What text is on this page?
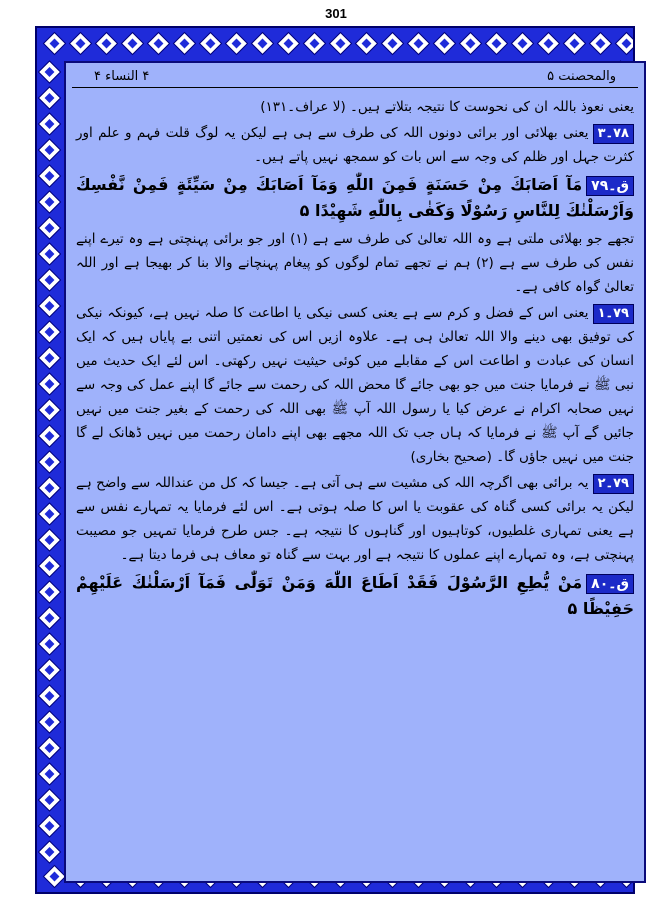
301
والمحصنت ۵
۴ النساء ۴

یعنی نعوذ باللہ ان کی نحوست کا نتیجہ بتلاتے ہیں۔ (لا عراف۔۱۳۱)

۷۸۔۳یعنی بھلائی اور برائی دونوں اللہ کی طرف سے ہی ہے لیکن یہ لوگ قلت فہم و علم اور کثرت جہل اور ظلم کی وجہ سے اس بات کو سمجھ نہیں پاتے ہیں۔

ق۔۷۹مَآ اَصَابَكَ مِنْ حَسَنَةٍ فَمِنَ اللّٰهِ وَمَآ اَصَابَكَ مِنْ سَيِّئَةٍ فَمِنْ نَّفْسِكَ وَاَرْسَلْنٰكَ لِلنَّاسِ رَسُوْلًا وَكَفٰى بِاللّٰهِ شَهِيْدًا ۵

تجھے جو بھلائی ملتی ہے وہ اللہ تعالیٰ کی طرف سے ہے (۱) اور جو برائی پہنچتی ہے وہ تیرے اپنے نفس کی طرف سے ہے (۲) ہم نے تجھے تمام لوگوں کو پیغام پہنچانے والا بنا کر بھیجا ہے اور اللہ تعالیٰ گواہ کافی ہے۔

۷۹۔۱یعنی اس کے فضل و کرم سے ہے یعنی کسی نیکی یا اطاعت کا صلہ نہیں ہے، کیونکہ نیکی کی توفیق بھی دینے والا اللہ تعالیٰ ہی ہے۔ علاوہ ازیں اس کی نعمتیں اتنی بے پایاں ہیں کہ ایک انسان کی عبادت و اطاعت اس کے مقابلے میں کوئی حیثیت نہیں رکھتی۔ اس لئے ایک حدیث میں نبی ﷺ نے فرمایا جنت میں جو بھی جائے گا محض اللہ کی رحمت سے جائے گا اپنے عمل کی وجہ سے نہیں صحابہ اکرام نے عرض کیا یا رسول اللہ آپ ﷺ بھی اللہ کی رحمت کے بغیر جنت میں نہیں جائیں گے آپ ﷺ نے فرمایا کہ ہاں جب تک اللہ مجھے بھی اپنے دامان رحمت میں نہیں ڈھانک لے گا جنت میں نہیں جاؤں گا۔ (صحیح بخاری)

۷۹۔۲یہ برائی بھی اگرچہ اللہ کی مشیت سے ہی آتی ہے۔ جیسا کہ کل من عنداللہ سے واضح ہے لیکن یہ برائی کسی گناہ کی عقوبت یا اس کا صلہ ہوتی ہے۔ اس لئے فرمایا یہ تمہارے نفس سے ہے یعنی تمہاری غلطیوں، کوتاہیوں اور گناہوں کا نتیجہ ہے۔ جس طرح فرمایا تمہیں جو مصیبت پہنچتی ہے، وہ تمہارے اپنے عملوں کا نتیجہ ہے اور بہت سے گناہ تو معاف ہی فرما دیتا ہے۔

ق۔۸۰مَنْ يُّطِعِ الرَّسُوْلَ فَقَدْ اَطَاعَ اللّٰهَ وَمَنْ تَوَلّٰى فَمَآ اَرْسَلْنٰكَ عَلَيْهِمْ حَفِيْظًا ۵
